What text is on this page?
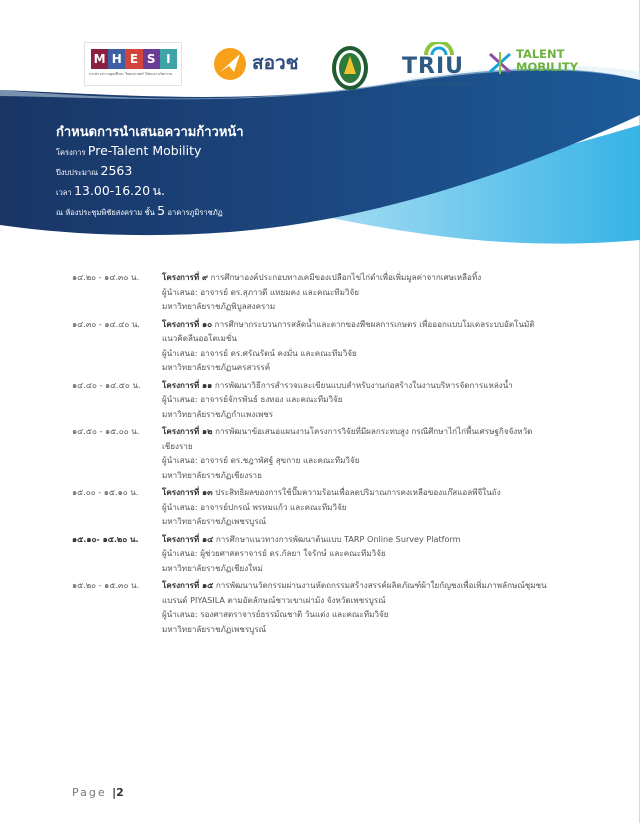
M H E S I
กระทรวงการอุดมศึกษา วิทยาศาสตร์ วิจัยและนวัตกรรม	สอวช	TRIU
TALENT RESOURCES PROMOTION
TALENT
MOBILITY
กำหนดการนำเสนอความก้าวหน้า
โครงการ Pre-Talent Mobility
ปีงบประมาณ 2563
เวลา 13.00-16.20 น.
ณ ห้องประชุมพิชัยสงคราม ชั้น 5 อาคารภูมิราชภัฏ
๑๔.๒๐ - ๑๔.๓๐ น.	โครงการที่ ๙ การศึกษาองค์ประกอบทางเคมีของเปลือกไข่ไก่ดำเพื่อเพิ่มมูลค่าจากเศษเหลือทิ้ง
ผู้นำเสนอ: อาจารย์ ดร.สุภาวดี แหยมคง และคณะทีมวิจัย
มหาวิทยาลัยราชภัฏพิบูลสงคราม
๑๔.๓๐ - ๑๔.๔๐ น.	โครงการที่ ๑๐ การศึกษากระบวนการสลัดน้ำและตากของพืชผลการเกษตร เพื่อออกแบบโมเดลระบบอัตโนมัติ
แนวคิดลีนออโตเมชั่น
ผู้นำเสนอ: อาจารย์ ดร.ศรัณรัตน์ คงมั่น และคณะทีมวิจัย
มหาวิทยาลัยราชภัฏนครสวรรค์
๑๔.๔๐ - ๑๔.๕๐ น.	โครงการที่ ๑๑ การพัฒนาวิธีการสำรวจและเขียนแบบสำหรับงานก่อสร้างในงานบริหารจัดการแหล่งน้ำ
ผู้นำเสนอ: อาจารย์จักรพันธ์ ธงทอง และคณะทีมวิจัย
มหาวิทยาลัยราชภัฏกำแพงเพชร
๑๔.๕๐ - ๑๕.๐๐ น.	โครงการที่ ๑๒ การพัฒนาข้อเสนอแผนงานโครงการวิจัยที่มีผลกระทบสูง กรณีศึกษาไก่ไก่พื้นเศรษฐกิจจังหวัด
เชียงราย
ผู้นำเสนอ: อาจารย์ ดร.ชฎาพัศฐ์ สุขกาย และคณะทีมวิจัย
มหาวิทยาลัยราชภัฏเชียงราย
๑๕.๐๐ - ๑๕.๑๐ น.	โครงการที่ ๑๓ ประสิทธิผลของการใช้ปั๊มความร้อนเพื่อลดปริมาณการคงเหลือของแก๊สแอลพีจีในถัง
ผู้นำเสนอ: อาจารย์ปกรณ์ พรหมแก้ว และคณะทีมวิจัย
มหาวิทยาลัยราชภัฏเพชรบูรณ์
๑๕.๑๐- ๑๕.๒๐ น.	โครงการที่ ๑๔ การศึกษาแนวทางการพัฒนาต้นแบบ TARP Online Survey Platform
ผู้นำเสนอ: ผู้ช่วยศาสตราจารย์ ดร.กัลยา ใจรักษ์ และคณะทีมวิจัย
มหาวิทยาลัยราชภัฏเชียงใหม่
๑๕.๒๐ - ๑๕.๓๐ น.	โครงการที่ ๑๕ การพัฒนานวัตกรรมผ่านงานหัตถกรรมสร้างสรรค์ผลิตภัณฑ์ผ้าใยกัญชงเพื่อเพิ่มภาพลักษณ์ชุมชน
แบรนด์ PIYASILA ตามอัตลักษณ์ชาวเขาเผ่าม้ง จังหวัดเพชรบูรณ์
ผู้นำเสนอ: รองศาสตราจารย์ธรรม์ณชาติ วันแต่ง และคณะทีมวิจัย
มหาวิทยาลัยราชภัฏเพชรบูรณ์
Page |2
